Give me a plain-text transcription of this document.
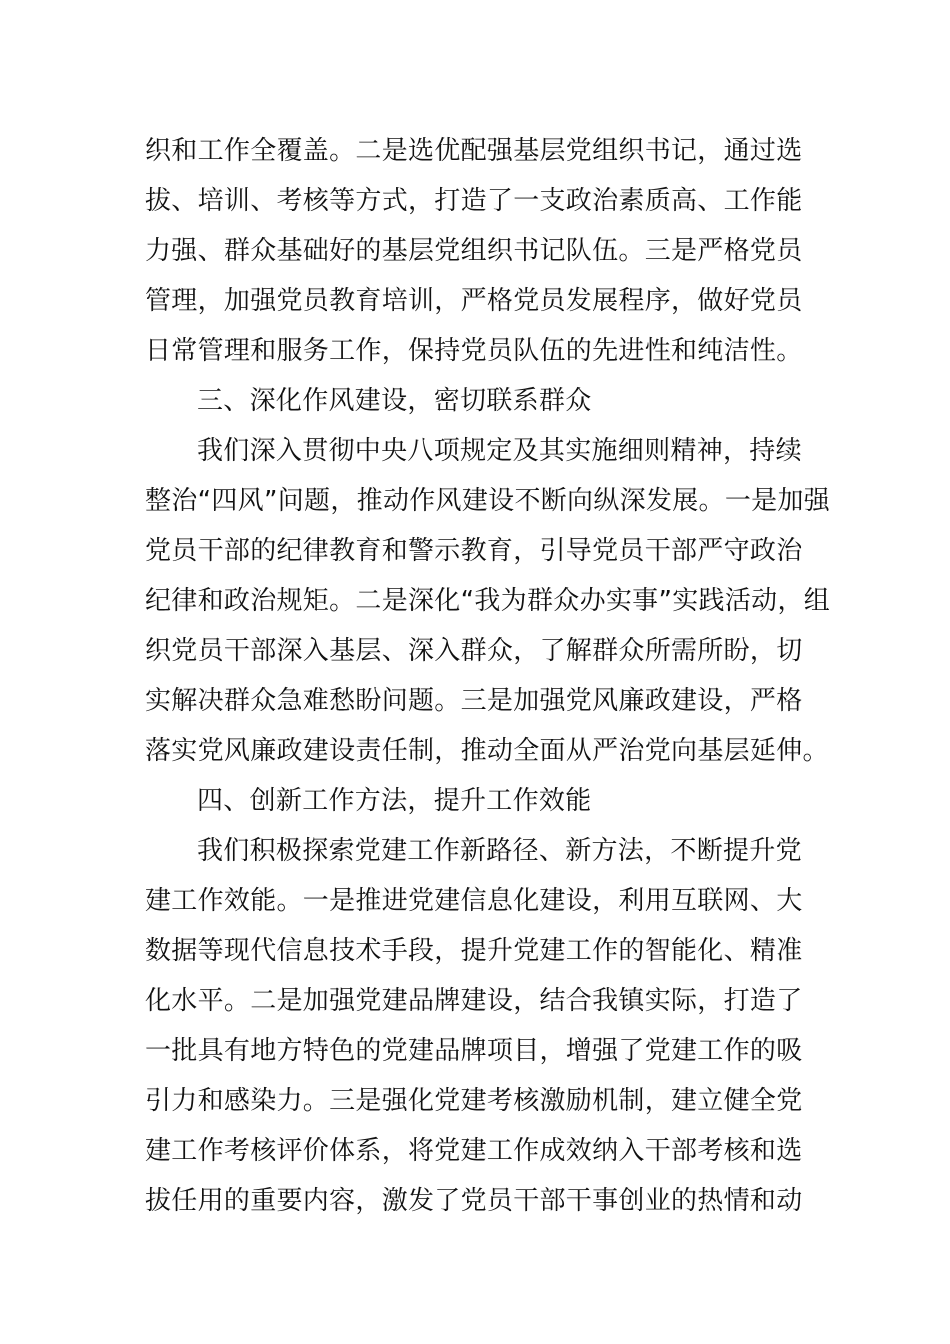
织和工作全覆盖。二是选优配强基层党组织书记，通过选
拔、培训、考核等方式，打造了一支政治素质高、工作能
力强、群众基础好的基层党组织书记队伍。三是严格党员
管理，加强党员教育培训，严格党员发展程序，做好党员
日常管理和服务工作，保持党员队伍的先进性和纯洁性。
三、深化作风建设，密切联系群众
我们深入贯彻中央八项规定及其实施细则精神，持续
整治“四风”问题，推动作风建设不断向纵深发展。一是加强
党员干部的纪律教育和警示教育，引导党员干部严守政治
纪律和政治规矩。二是深化“我为群众办实事”实践活动，组
织党员干部深入基层、深入群众，了解群众所需所盼，切
实解决群众急难愁盼问题。三是加强党风廉政建设，严格
落实党风廉政建设责任制，推动全面从严治党向基层延伸。
四、创新工作方法，提升工作效能
我们积极探索党建工作新路径、新方法，不断提升党
建工作效能。一是推进党建信息化建设，利用互联网、大
数据等现代信息技术手段，提升党建工作的智能化、精准
化水平。二是加强党建品牌建设，结合我镇实际，打造了
一批具有地方特色的党建品牌项目，增强了党建工作的吸
引力和感染力。三是强化党建考核激励机制，建立健全党
建工作考核评价体系，将党建工作成效纳入干部考核和选
拔任用的重要内容，激发了党员干部干事创业的热情和动
